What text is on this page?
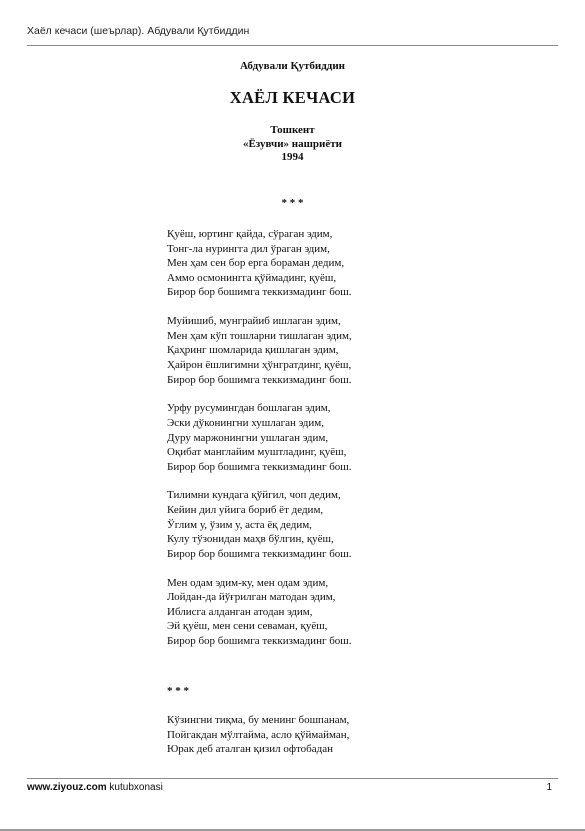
Хаёл кечаси (шеърлар). Абдували Қутбиддин
Абдували Қутбиддин
ХАЁЛ КЕЧАСИ
Тошкент
«Ёзувчи» нашриёти
1994
* * *
Қуёш, юртинг қайда, сўраган эдим,
Тонг-ла нурингга дил ўраган эдим,
Мен ҳам сен бор ерга бораман дедим,
Аммо осмонингга қўймадинг, қуёш,
Бирор бор бошимга теккизмадинг бош.
Муйишиб, мунграйиб ишлаган эдим,
Мен ҳам кўп тошларни тишлаган эдим,
Қаҳринг шомларида қишлаган эдим,
Ҳайрон ёшлигимни ҳўнгратдинг, қуёш,
Бирор бор бошимга теккизмадинг бош.
Урфу русумингдан бошлаган эдим,
Эски дўконингни хушлаган эдим,
Дуру маржонингни ушлаган эдим,
Оқибат манглайим муштладинг, қуёш,
Бирор бор бошимга теккизмадинг бош.
Тилимни кундага қўйгил, чоп дедим,
Кейин дил уйига бориб ёт дедим,
Ўглим у, ўзим у, аста ёқ дедим,
Кулу тўзонидан маҳв бўлгин, қуёш,
Бирор бор бошимга теккизмадинг бош.
Мен одам эдим-ку, мен одам эдим,
Лойдан-да йўғрилган матодан эдим,
Иблисга алданган атодан эдим,
Эй қуёш, мен сени севаман, қуёш,
Бирор бор бошимга теккизмадинг бош.
* * *
Кўзингни тиқма, бу менинг бошпанам,
Пойгакдан мўлтайма, асло қўймайман,
Юрак деб аталган қизил офтобадан
www.ziyouz.com kutubxonasi	1
